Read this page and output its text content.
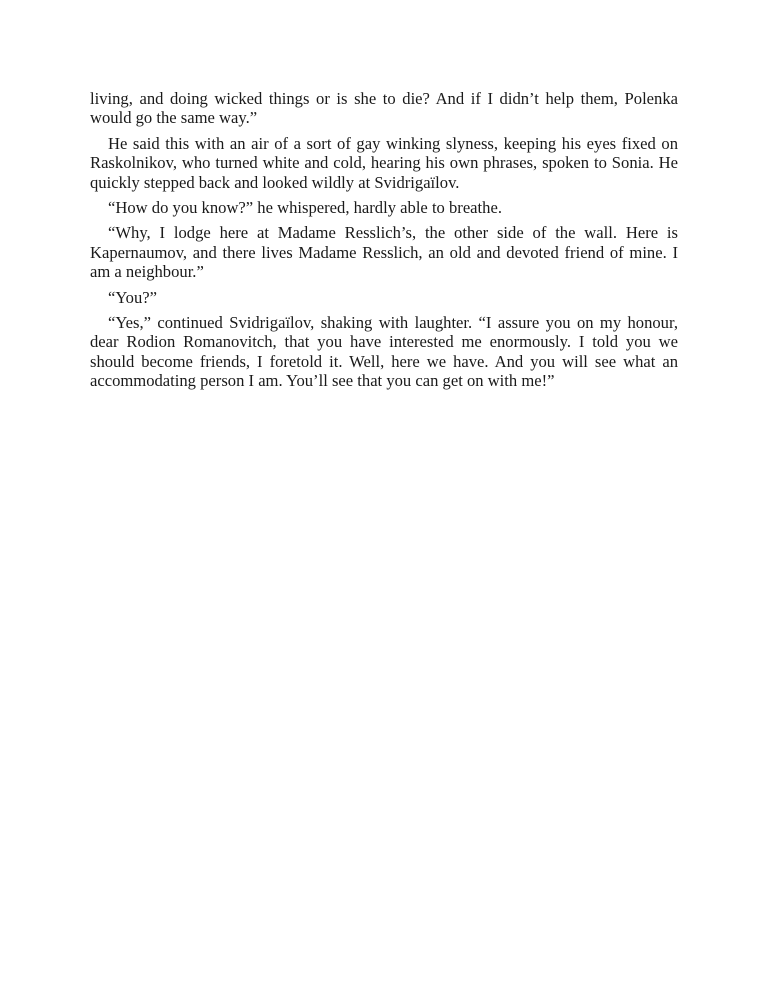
living, and doing wicked things or is she to die? And if I didn’t help them, Polenka would go the same way.”

He said this with an air of a sort of gay winking slyness, keeping his eyes fixed on Raskolnikov, who turned white and cold, hearing his own phrases, spoken to Sonia. He quickly stepped back and looked wildly at Svidrigaïlov.

“How do you know?” he whispered, hardly able to breathe.

“Why, I lodge here at Madame Resslich’s, the other side of the wall. Here is Kapernaumov, and there lives Madame Resslich, an old and devoted friend of mine. I am a neighbour.”

“You?”

“Yes,” continued Svidrigaïlov, shaking with laughter. “I assure you on my honour, dear Rodion Romanovitch, that you have interested me enormously. I told you we should become friends, I foretold it. Well, here we have. And you will see what an accommodating person I am. You’ll see that you can get on with me!”
